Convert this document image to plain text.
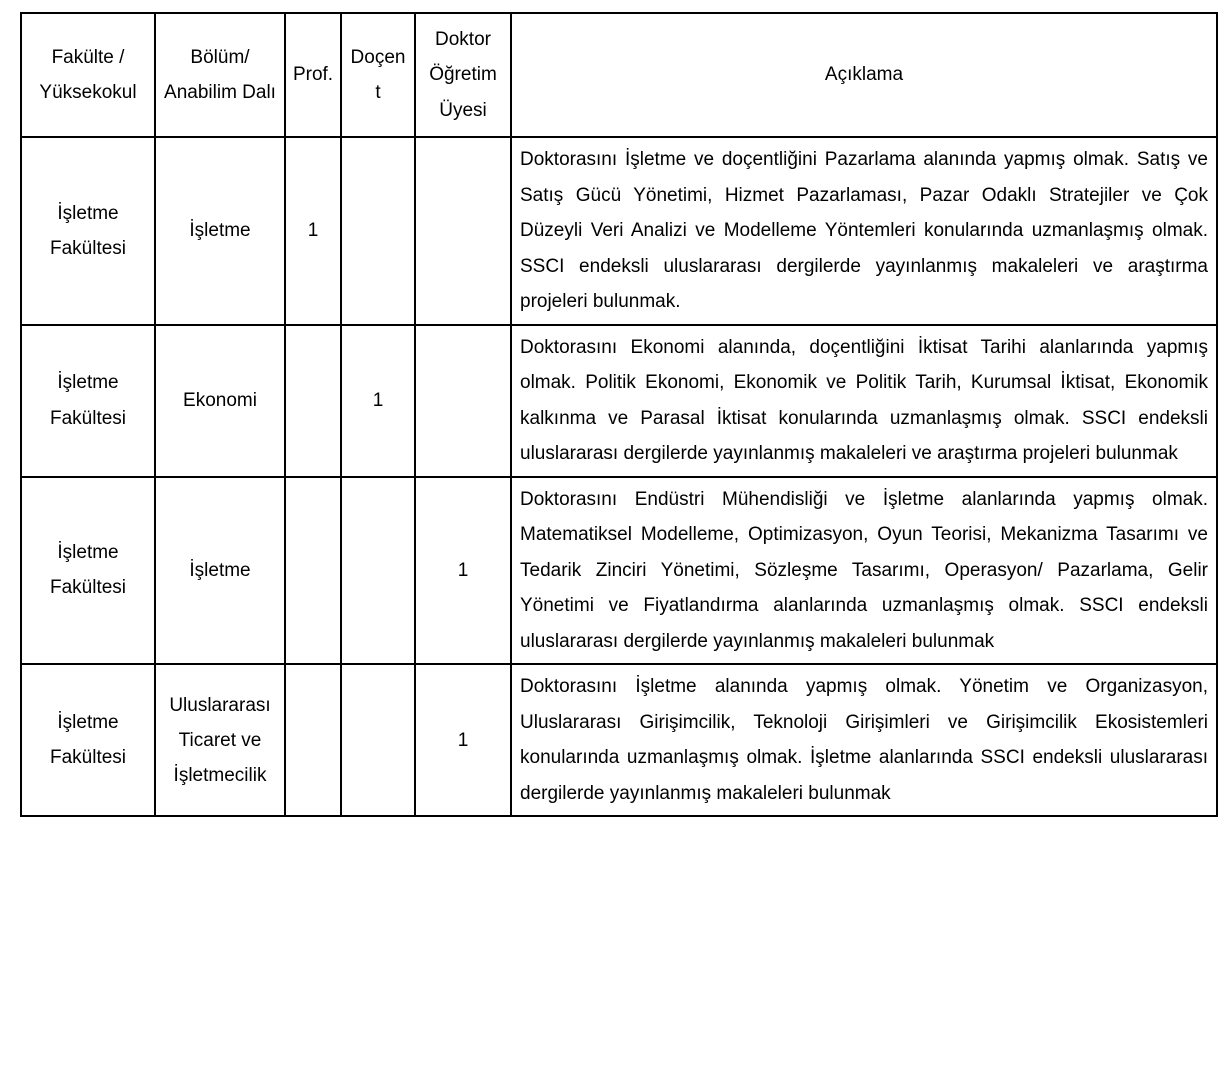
Fakülte / Yüksekokul	Bölüm/ Anabilim Dalı	Prof.	Doçent	Doktor Öğretim Üyesi	Açıklama
İşletme Fakültesi	İşletme	1			Doktorasını İşletme ve doçentliğini Pazarlama alanında yapmış olmak. Satış ve Satış Gücü Yönetimi, Hizmet Pazarlaması, Pazar Odaklı Stratejiler ve Çok Düzeyli Veri Analizi ve Modelleme Yöntemleri konularında uzmanlaşmış olmak. SSCI endeksli uluslararası dergilerde yayınlanmış makaleleri ve araştırma projeleri bulunmak.
İşletme Fakültesi	Ekonomi		1		Doktorasını Ekonomi alanında, doçentliğini İktisat Tarihi alanlarında yapmış olmak. Politik Ekonomi, Ekonomik ve Politik Tarih, Kurumsal İktisat, Ekonomik kalkınma ve Parasal İktisat konularında uzmanlaşmış olmak. SSCI endeksli uluslararası dergilerde yayınlanmış makaleleri ve araştırma projeleri bulunmak
İşletme Fakültesi	İşletme			1	Doktorasını Endüstri Mühendisliği ve İşletme alanlarında yapmış olmak. Matematiksel Modelleme, Optimizasyon, Oyun Teorisi, Mekanizma Tasarımı ve Tedarik Zinciri Yönetimi, Sözleşme Tasarımı, Operasyon/ Pazarlama, Gelir Yönetimi ve Fiyatlandırma alanlarında uzmanlaşmış olmak. SSCI endeksli uluslararası dergilerde yayınlanmış makaleleri bulunmak
İşletme Fakültesi	Uluslararası Ticaret ve İşletmecilik			1	Doktorasını İşletme alanında yapmış olmak. Yönetim ve Organizasyon, Uluslararası Girişimcilik, Teknoloji Girişimleri ve Girişimcilik Ekosistemleri konularında uzmanlaşmış olmak. İşletme alanlarında SSCI endeksli uluslararası dergilerde yayınlanmış makaleleri bulunmak
